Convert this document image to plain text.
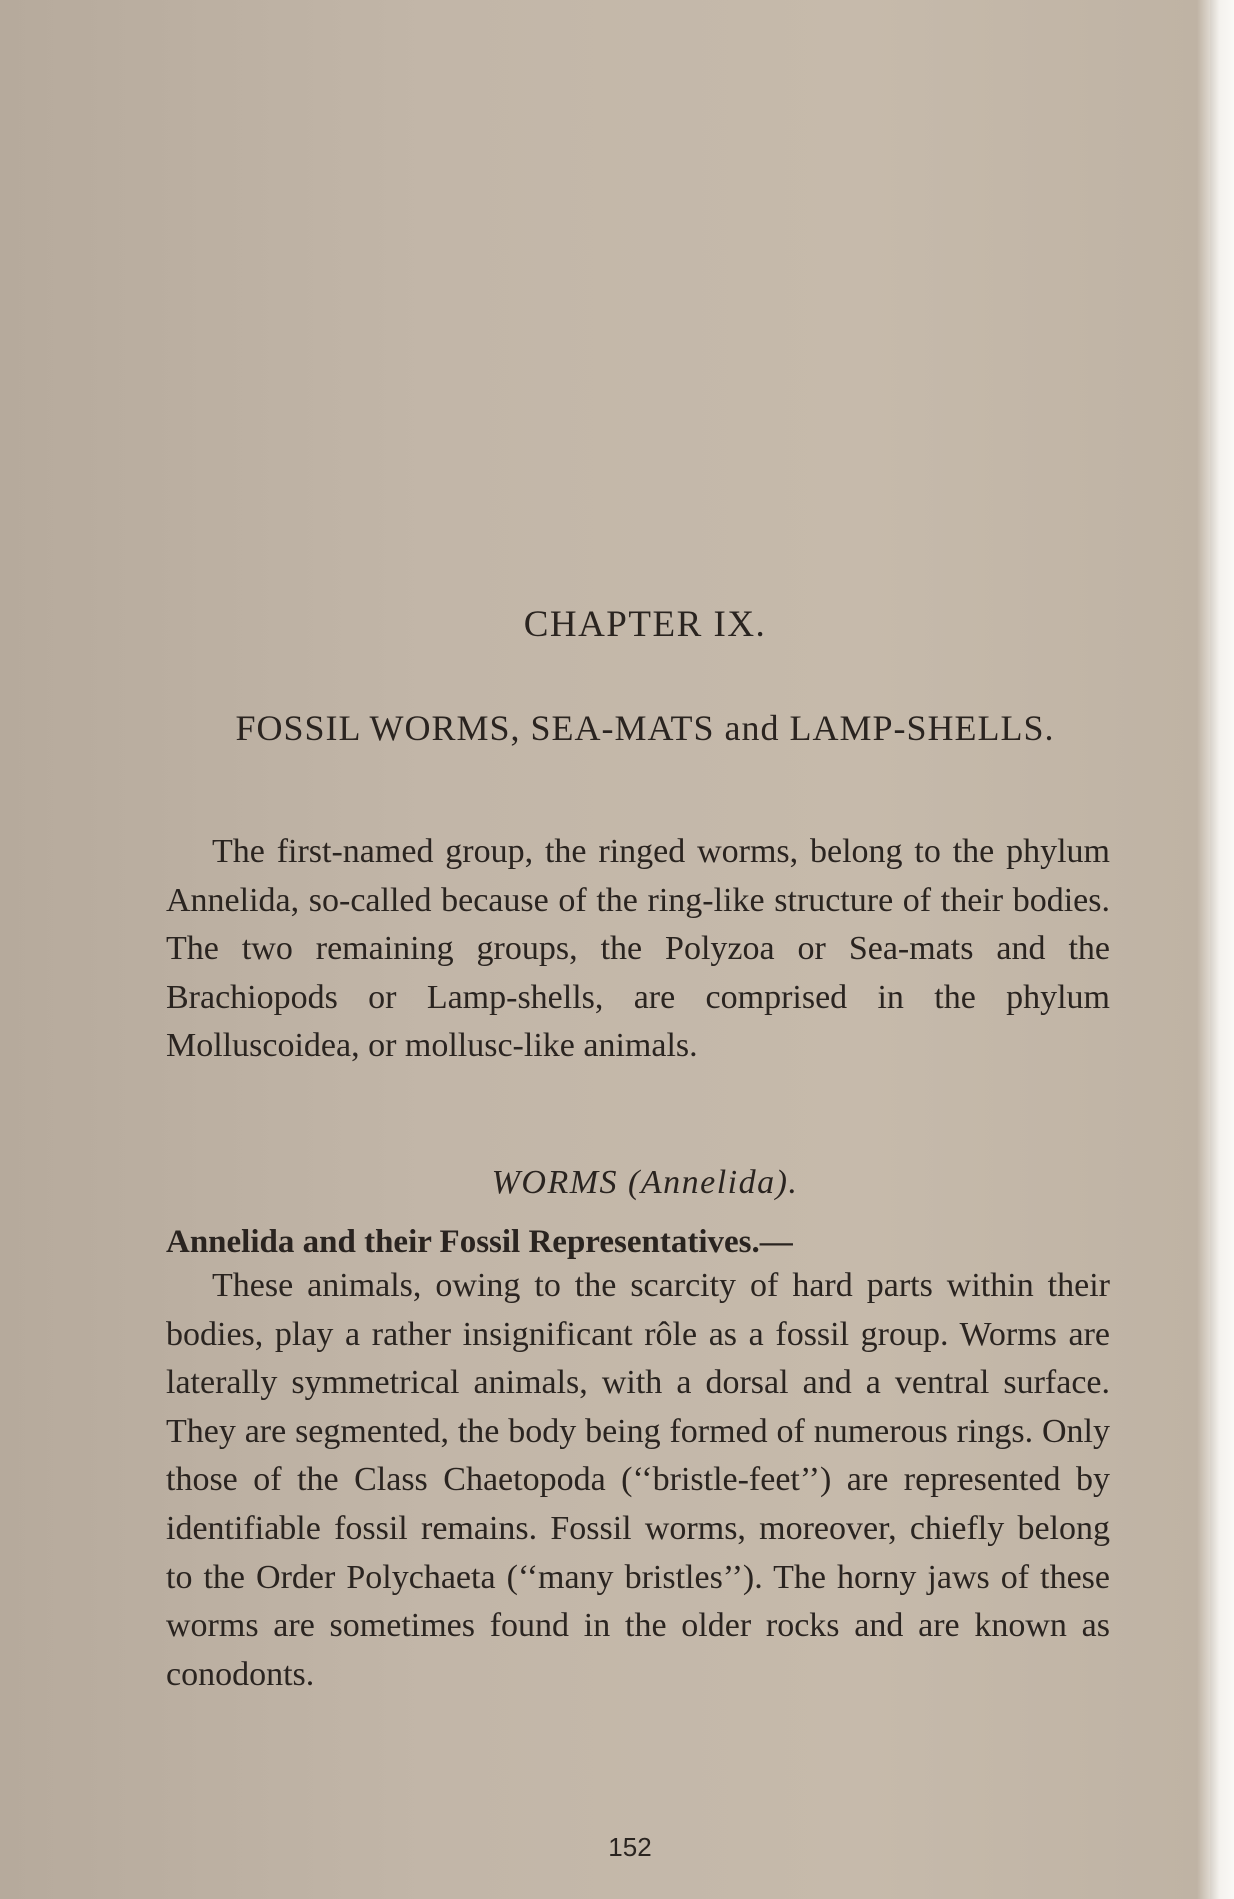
CHAPTER IX.
FOSSIL WORMS, SEA-MATS and LAMP-SHELLS.

The first-named group, the ringed worms, belong to the phylum Annelida, so-called because of the ring-like structure of their bodies. The two remaining groups, the Polyzoa or Sea-mats and the Brachiopods or Lamp-shells, are comprised in the phylum Molluscoidea, or mollusc-like animals.

WORMS (Annelida).
Annelida and their Fossil Representatives.—

These animals, owing to the scarcity of hard parts within their bodies, play a rather insignificant rôle as a fossil group. Worms are laterally symmetrical animals, with a dorsal and a ventral surface. They are segmented, the body being formed of numerous rings. Only those of the Class Chaetopoda (‘‘bristle-feet’’) are represented by identifiable fossil remains. Fossil worms, moreover, chiefly belong to the Order Polychaeta (‘‘many bristles’’). The horny jaws of these worms are sometimes found in the older rocks and are known as conodonts.

152
